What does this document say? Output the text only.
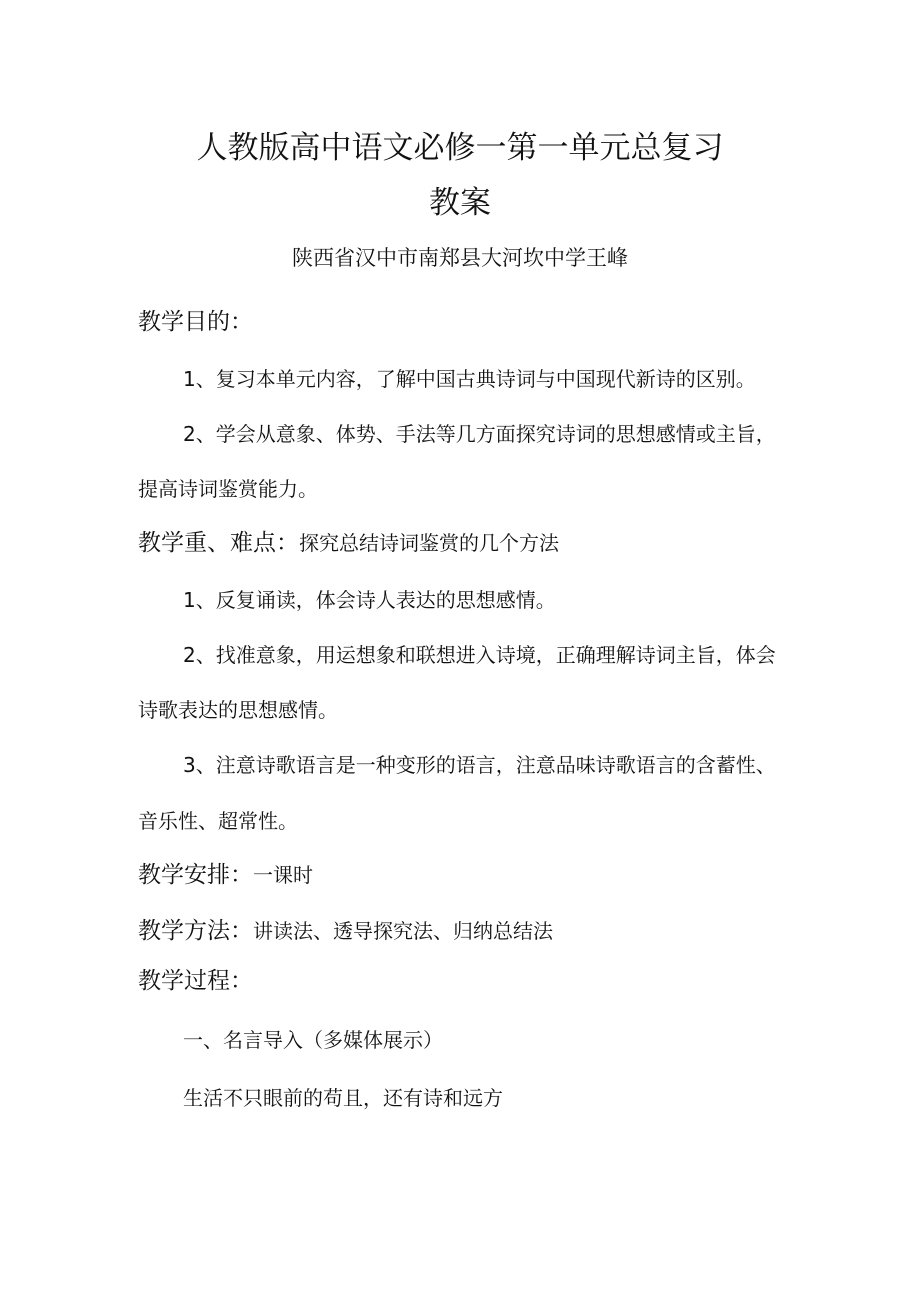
人教版高中语文必修一第一单元总复习
教案
陕西省汉中市南郑县大河坎中学王峰
教学目的：
1、复习本单元内容，了解中国古典诗词与中国现代新诗的区别。
2、学会从意象、体势、手法等几方面探究诗词的思想感情或主旨，
提高诗词鉴赏能力。
教学重、难点：探究总结诗词鉴赏的几个方法
1、反复诵读，体会诗人表达的思想感情。
2、找准意象，用运想象和联想进入诗境，正确理解诗词主旨，体会
诗歌表达的思想感情。
3、注意诗歌语言是一种变形的语言，注意品味诗歌语言的含蓄性、
音乐性、超常性。
教学安排：一课时
教学方法：讲读法、透导探究法、归纳总结法
教学过程：
一、名言导入（多媒体展示）
生活不只眼前的苟且，还有诗和远方
